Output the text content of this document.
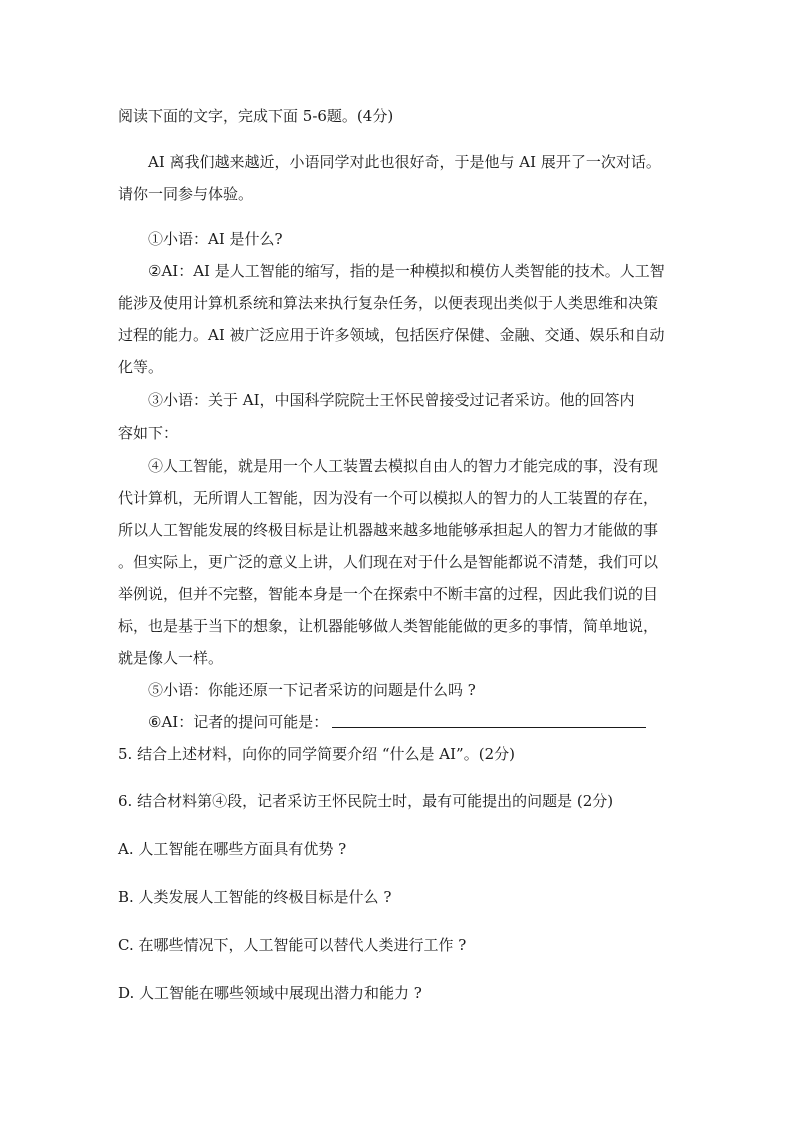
阅读下面的文字，完成下面 5-6题。(4分)
AI 离我们越来越近，小语同学对此也很好奇，于是他与 AI 展开了一次对话。
请你一同参与体验。
①小语：AI 是什么?
②AI：AI 是人工智能的缩写，指的是一种模拟和模仿人类智能的技术。人工智
能涉及使用计算机系统和算法来执行复杂任务，以便表现出类似于人类思维和决策
过程的能力。AI 被广泛应用于许多领域，包括医疗保健、金融、交通、娱乐和自动
化等。
③小语：关于 AI，中国科学院院士王怀民曾接受过记者采访。他的回答内
容如下：
④人工智能，就是用一个人工装置去模拟自由人的智力才能完成的事，没有现
代计算机，无所谓人工智能，因为没有一个可以模拟人的智力的人工装置的存在，
所以人工智能发展的终极目标是让机器越来越多地能够承担起人的智力才能做的事
。但实际上，更广泛的意义上讲，人们现在对于什么是智能都说不清楚，我们可以
举例说，但并不完整，智能本身是一个在探索中不断丰富的过程，因此我们说的目
标，也是基于当下的想象，让机器能够做人类智能能做的更多的事情，简单地说，
就是像人一样。
⑤小语：你能还原一下记者采访的问题是什么吗 ?
⑥AI：记者的提问可能是：
5. 结合上述材料，向你的同学简要介绍 “什么是 AI”。(2分)
6. 结合材料第④段，记者采访王怀民院士时，最有可能提出的问题是 (2分)
A. 人工智能在哪些方面具有优势 ?
B. 人类发展人工智能的终极目标是什么 ?
C. 在哪些情况下，人工智能可以替代人类进行工作 ?
D. 人工智能在哪些领域中展现出潜力和能力 ?
